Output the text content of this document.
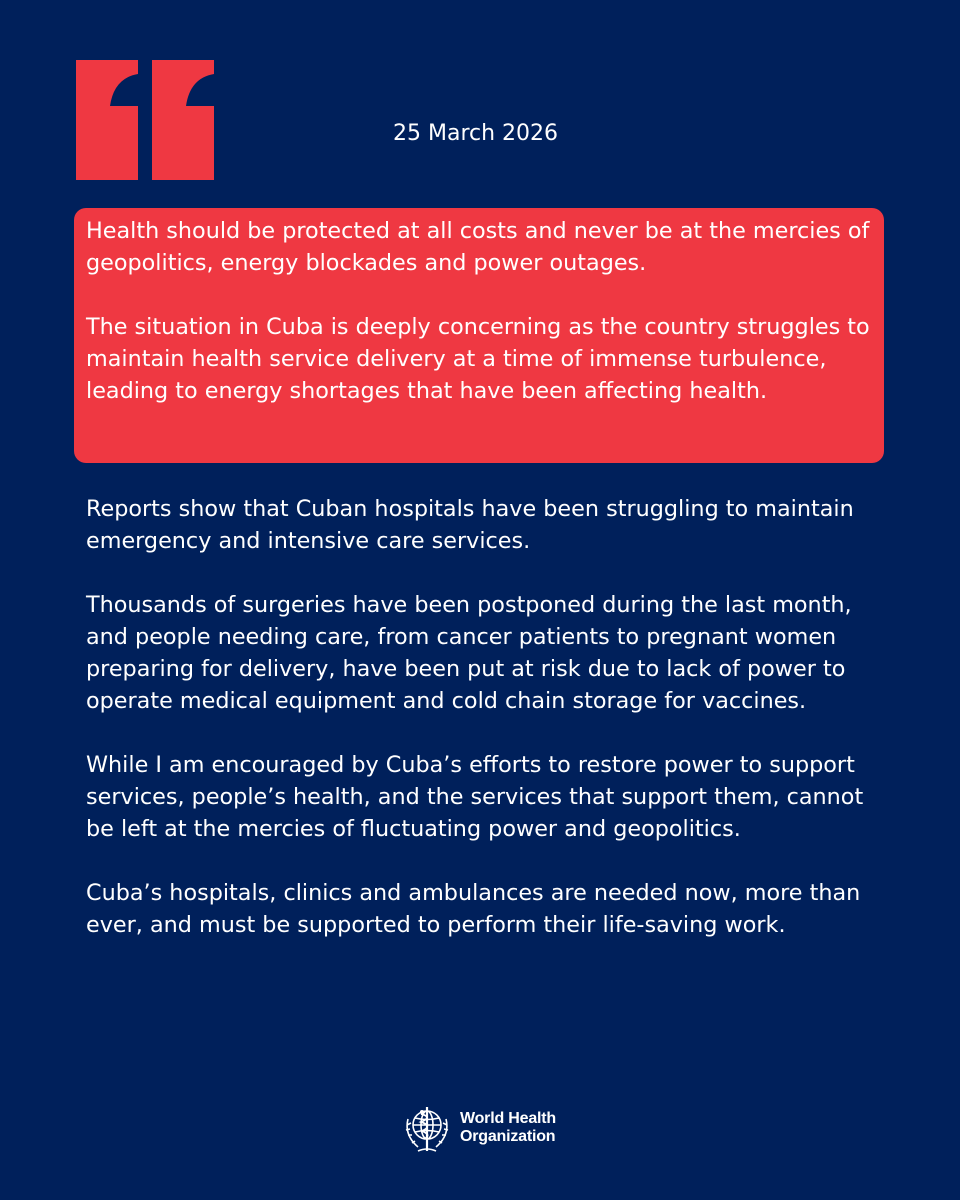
25 March 2026

Health should be protected at all costs and never be at the mercies of geopolitics, energy blockades and power outages.

The situation in Cuba is deeply concerning as the country struggles to maintain health service delivery at a time of immense turbulence, leading to energy shortages that have been affecting health.

Reports show that Cuban hospitals have been struggling to maintain emergency and intensive care services.

Thousands of surgeries have been postponed during the last month, and people needing care, from cancer patients to pregnant women preparing for delivery, have been put at risk due to lack of power to operate medical equipment and cold chain storage for vaccines.

While I am encouraged by Cuba’s efforts to restore power to support services, people’s health, and the services that support them, cannot be left at the mercies of fluctuating power and geopolitics.

Cuba’s hospitals, clinics and ambulances are needed now, more than ever, and must be supported to perform their life-saving work.

World Health
Organization
